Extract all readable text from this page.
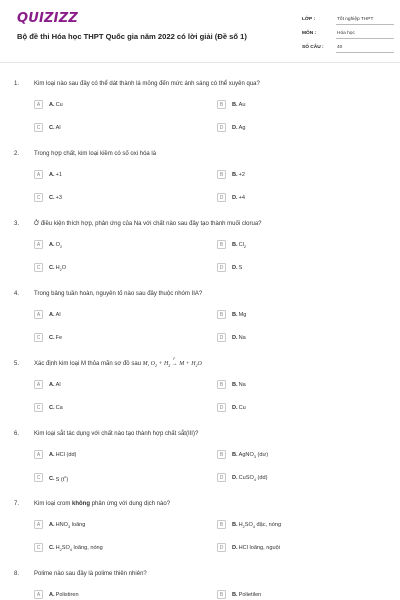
QUIZIZZ
Bộ đề thi Hóa học THPT Quốc gia năm 2022 có lời giải (Đề số 1)
LỚP :	Tốt nghiệp THPT
MÔN :	Hóa học
SỐ CÂU :	40
1. Kim loại nào sau đây có thể dát thành lá mỏng đến mức ánh sáng có thể xuyên qua?
A	A.Cu	B	B.Au
C	C.Al	D	D.Ag
2. Trong hợp chất, kim loại kiềm có số oxi hóa là
A	A.+1	B	B.+2
C	C.+3	D	D.+4
3. Ở điều kiện thích hợp, phản ứng của Na với chất nào sau đây tạo thành muối clorua?
A	$A.O_2$	B	$B.Cl_2$
C	$C.H_2O$	D	D.S
4. Trong bảng tuần hoàn, nguyên tố nào sau đây thuộc nhóm IIA?
A	A.Al	B	B.Mg
C	C.Fe	D	D.Na
5. Xác định kim loại M thỏa mãn sơ đồ sau M, $O_2 + H_2$
t°
→ $M + H_2O$
A	A.Al	B	B.Na
C	C.Ca	D	D.Cu
6. Kim loại sắt tác dụng với chất nào tạo thành hợp chất sắt(III)?
A	A.HCl (dd)	B	B.AgNO$_3$ (dư)
C	C.S $(t^o)$	D	D.CuSO$_4$ (dd)
7. Kim loại crom không phản ứng với dung dịch nào?
A	$A.HNO_3$ loãng	B	$B.H_2SO_4$ đặc, nóng
C	$C.H_2SO_4$ loãng, nóng	D	D.HCl loãng, nguội
8. Polime nào sau đây là polime thiên nhiên?
A	A.Polistiren	B	B.Polietilen
